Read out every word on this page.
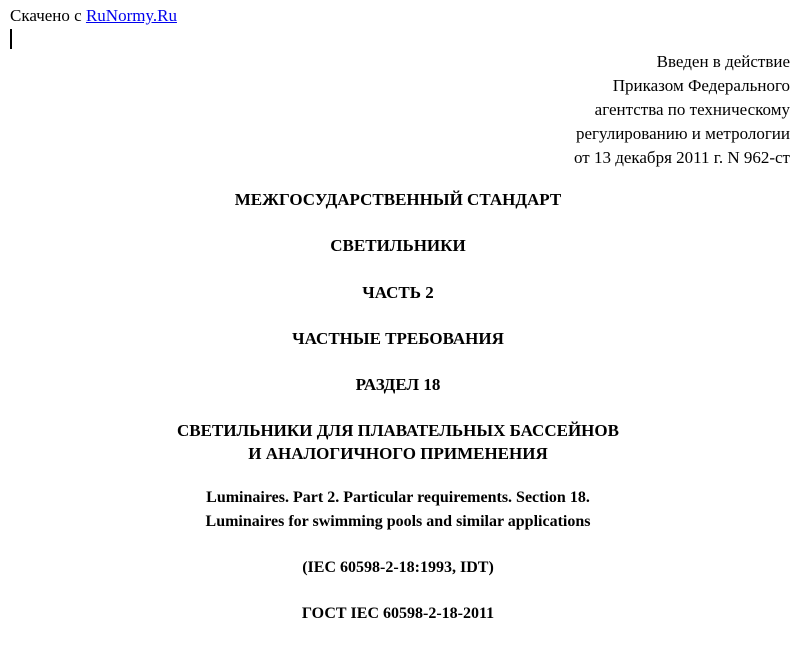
Скачено с RuNormy.Ru
Введен в действие
Приказом Федерального
агентства по техническому
регулированию и метрологии
от 13 декабря 2011 г. N 962-ст
МЕЖГОСУДАРСТВЕННЫЙ СТАНДАРТ
СВЕТИЛЬНИКИ
ЧАСТЬ 2
ЧАСТНЫЕ ТРЕБОВАНИЯ
РАЗДЕЛ 18
СВЕТИЛЬНИКИ ДЛЯ ПЛАВАТЕЛЬНЫХ БАССЕЙНОВ
И АНАЛОГИЧНОГО ПРИМЕНЕНИЯ
Luminaires. Part 2. Particular requirements. Section 18.
Luminaires for swimming pools and similar applications
(IEC 60598-2-18:1993, IDT)
ГОСТ IEC 60598-2-18-2011
